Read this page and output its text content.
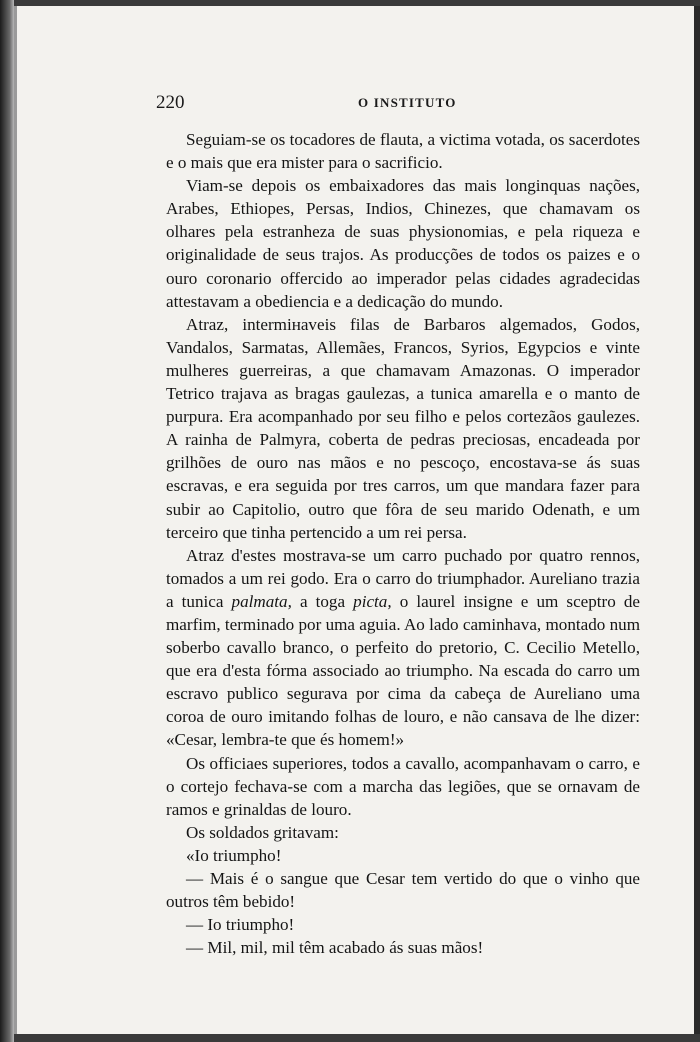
220	O INSTITUTO

Seguiam-se os tocadores de flauta, a victima votada, os sacerdotes e o mais que era mister para o sacrificio.

Viam-se depois os embaixadores das mais longinquas nações, Arabes, Ethiopes, Persas, Indios, Chinezes, que chamavam os olhares pela estranheza de suas physionomias, e pela riqueza e originalidade de seus trajos. As producções de todos os paizes e o ouro coronario offercido ao imperador pelas cidades agradecidas attestavam a obediencia e a dedicação do mundo.

Atraz, intermінaveis filas de Barbaros algemados, Godos, Vandalos, Sarmatas, Allemães, Francos, Syrios, Egypcios e vinte mulheres guerreiras, a que chamavam Amazonas. O imperador Tetrico trajava as bragas gaulezas, a tunica amarella e o manto de purpura. Era acompanhado por seu filho e pelos cortezãos gaulezes. A rainha de Palmyra, coberta de pedras preciosas, encadeada por grilhões de ouro nas mãos e no pescoço, encostava-se ás suas escravas, e era seguida por tres carros, um que mandara fazer para subir ao Capitolio, outro que fôra de seu marido Odenath, e um terceiro que tinha pertencido a um rei persa.

Atraz d'estes mostrava-se um carro puchado por quatro rennos, tomados a um rei godo. Era o carro do triumphador. Aureliano trazia a tunica palmata, a toga picta, o laurel insigne e um sceptro de marfim, terminado por uma aguia. Ao lado caminhava, montado num soberbo cavallo branco, o perfeito do pretorio, C. Cecilio Metello, que era d'esta fórma associado ao triumpho. Na escada do carro um escravo publico segurava por cima da cabeça de Aureliano uma coroa de ouro imitando folhas de louro, e não cansava de lhe dizer: «Cesar, lembra-te que és homem!»

Os officiaes superiores, todos a cavallo, acompanhavam o carro, e o cortejo fechava-se com a marcha das legiões, que se ornavam de ramos e grinaldas de louro.

Os soldados gritavam:

«Io triumpho!

— Mais é o sangue que Cesar tem vertido do que o vinho que outros têm bebido!

— Io triumpho!

— Mil, mil, mil têm acabado ás suas mãos!
